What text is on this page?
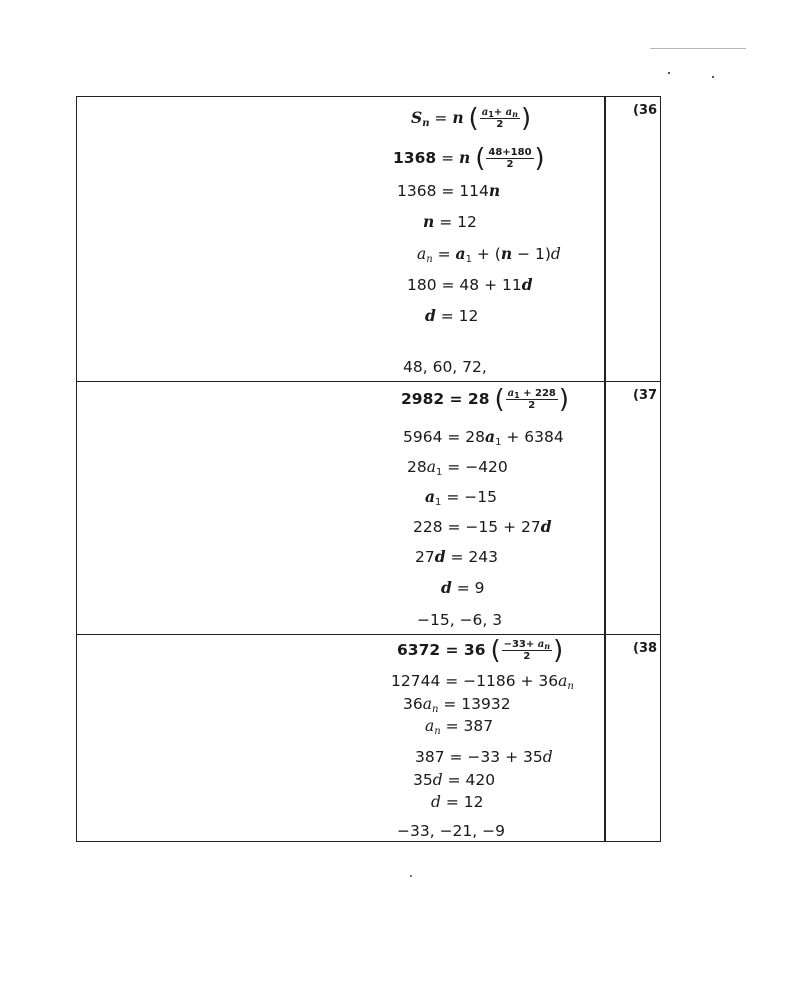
(36
$S_n = n$ ( $\frac{a_1+ a_n}{2}$ )
1368 = n ( $\frac{48+180}{2}$ )
1368 = 114n
n = 12
$a_n = a_1 + (n - 1)d$
180 = 48 + 11d
d = 12
48, 60, 72,
(37
2982 = 28 ( $\frac{a_1 + 228}{2}$ )
$5964 = 28a_1 + 6384$
$28a_1 = -420$
$a_1 = -15$
228 = −15 + 27d
27d = 243
d = 9
−15, −6, 3
(38
6372 = 36 ( $\frac{-33+ a_n}{2}$ )
$12744 = -1186 + 36a_n$
$36a_n = 13932$
$a_n = 387$
387 = −33 + 35d
35d = 420
d = 12
−33, −21, −9
